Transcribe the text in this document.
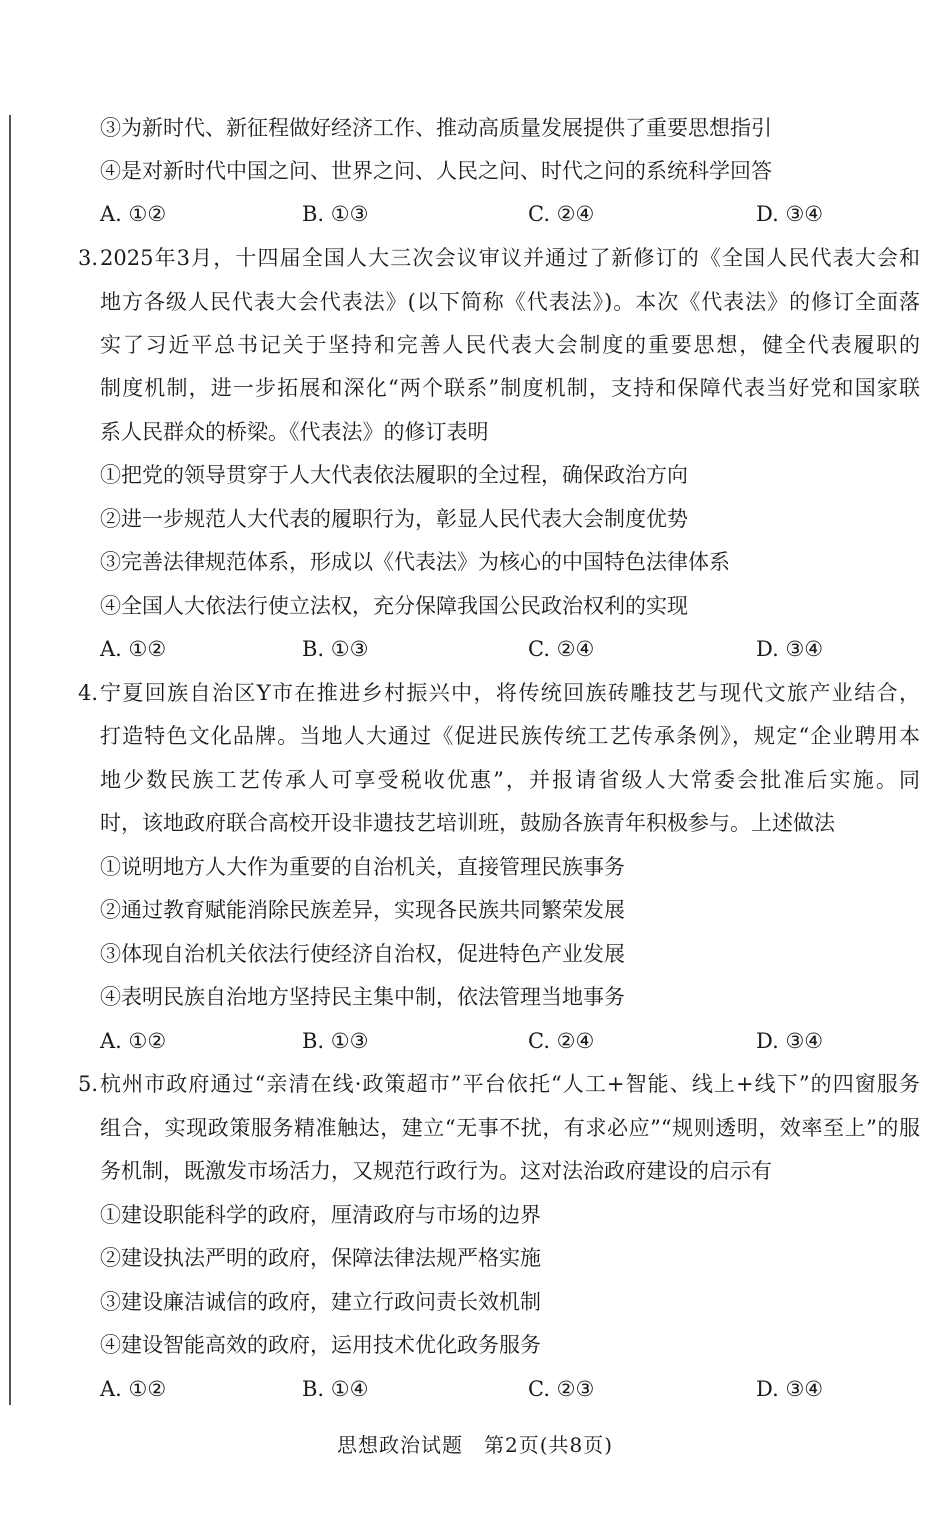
③为新时代、新征程做好经济工作、推动高质量发展提供了重要思想指引
④是对新时代中国之问、世界之问、人民之问、时代之问的系统科学回答
A. ①②	B. ①③	C. ②④	D. ③④
3.2025年3月，十四届全国人大三次会议审议并通过了新修订的《全国人民代表大会和
地方各级人民代表大会代表法》(以下简称《代表法》)。本次《代表法》的修订全面落
实了习近平总书记关于坚持和完善人民代表大会制度的重要思想，健全代表履职的
制度机制，进一步拓展和深化“两个联系”制度机制，支持和保障代表当好党和国家联
系人民群众的桥梁。《代表法》的修订表明
①把党的领导贯穿于人大代表依法履职的全过程，确保政治方向
②进一步规范人大代表的履职行为，彰显人民代表大会制度优势
③完善法律规范体系，形成以《代表法》为核心的中国特色法律体系
④全国人大依法行使立法权，充分保障我国公民政治权利的实现
A. ①②	B. ①③	C. ②④	D. ③④
4.宁夏回族自治区Y市在推进乡村振兴中，将传统回族砖雕技艺与现代文旅产业结合，
打造特色文化品牌。当地人大通过《促进民族传统工艺传承条例》，规定“企业聘用本
地少数民族工艺传承人可享受税收优惠”，并报请省级人大常委会批准后实施。同
时，该地政府联合高校开设非遗技艺培训班，鼓励各族青年积极参与。上述做法
①说明地方人大作为重要的自治机关，直接管理民族事务
②通过教育赋能消除民族差异，实现各民族共同繁荣发展
③体现自治机关依法行使经济自治权，促进特色产业发展
④表明民族自治地方坚持民主集中制，依法管理当地事务
A. ①②	B. ①③	C. ②④	D. ③④
5.杭州市政府通过“亲清在线·政策超市”平台依托“人工+智能、线上+线下”的四窗服务
组合，实现政策服务精准触达，建立“无事不扰，有求必应”“规则透明，效率至上”的服
务机制，既激发市场活力，又规范行政行为。这对法治政府建设的启示有
①建设职能科学的政府，厘清政府与市场的边界
②建设执法严明的政府，保障法律法规严格实施
③建设廉洁诚信的政府，建立行政问责长效机制
④建设智能高效的政府，运用技术优化政务服务
A. ①②	B. ①④	C. ②③	D. ③④
思想政治试题　第2页(共8页)
